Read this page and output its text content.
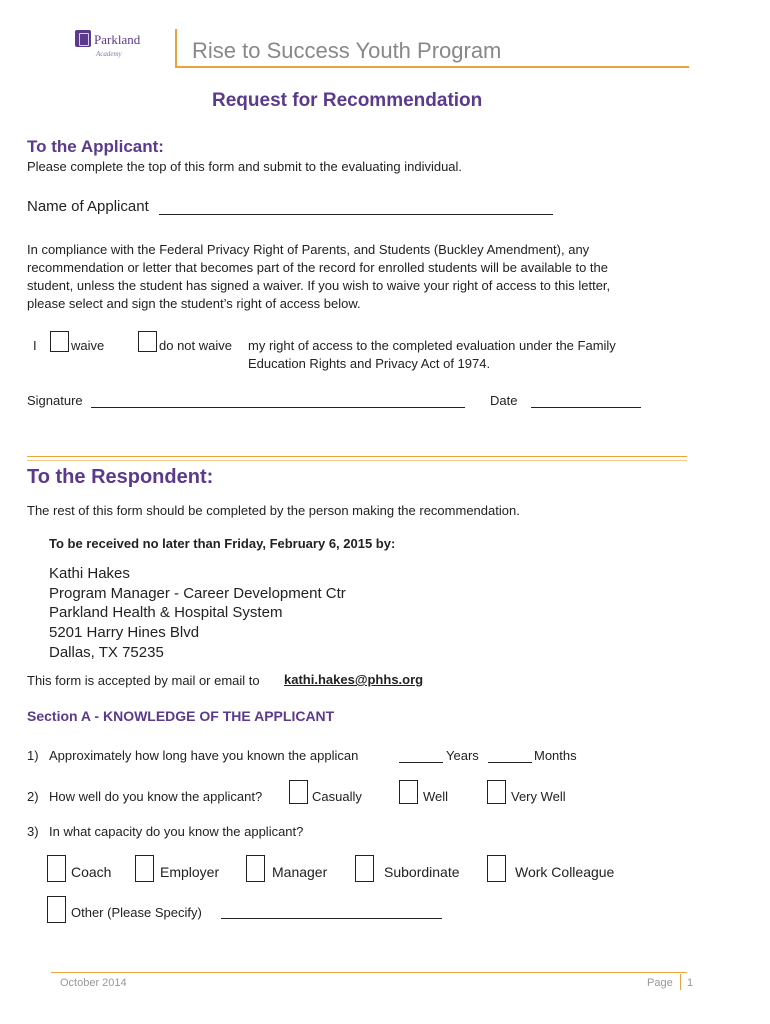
Parkland
Academy	Rise to Success Youth Program
Request for Recommendation
To the Applicant:
Please complete the top of this form and submit to the evaluating individual.
Name of Applicant
In compliance with the Federal Privacy Right of Parents, and Students (Buckley Amendment), any
recommendation or letter that becomes part of the record for enrolled students will be available to the
student, unless the student has signed a waiver. If you wish to waive your right of access to this letter,
please select and sign the student’s right of access below.
I	waive	do not waive my right of access to the completed evaluation under the Family
Education Rights and Privacy Act of 1974.
Signature	Date
To the Respondent:
The rest of this form should be completed by the person making the recommendation.
To be received no later than Friday, February 6, 2015 by:
Kathi Hakes
Program Manager - Career Development Ctr
Parkland Health & Hospital System
5201 Harry Hines Blvd
Dallas, TX 75235
This form is accepted by mail or email to kathi.hakes@phhs.org
Section A - KNOWLEDGE OF THE APPLICANT
1) Approximately how long have you known the applican	Years	Months
2) How well do you know the applicant?	Casually	Well	Very Well
3) In what capacity do you know the applicant?
Coach	Employer	Manager	Subordinate	Work Colleague
Other (Please Specify)
October 2014	Page 1
